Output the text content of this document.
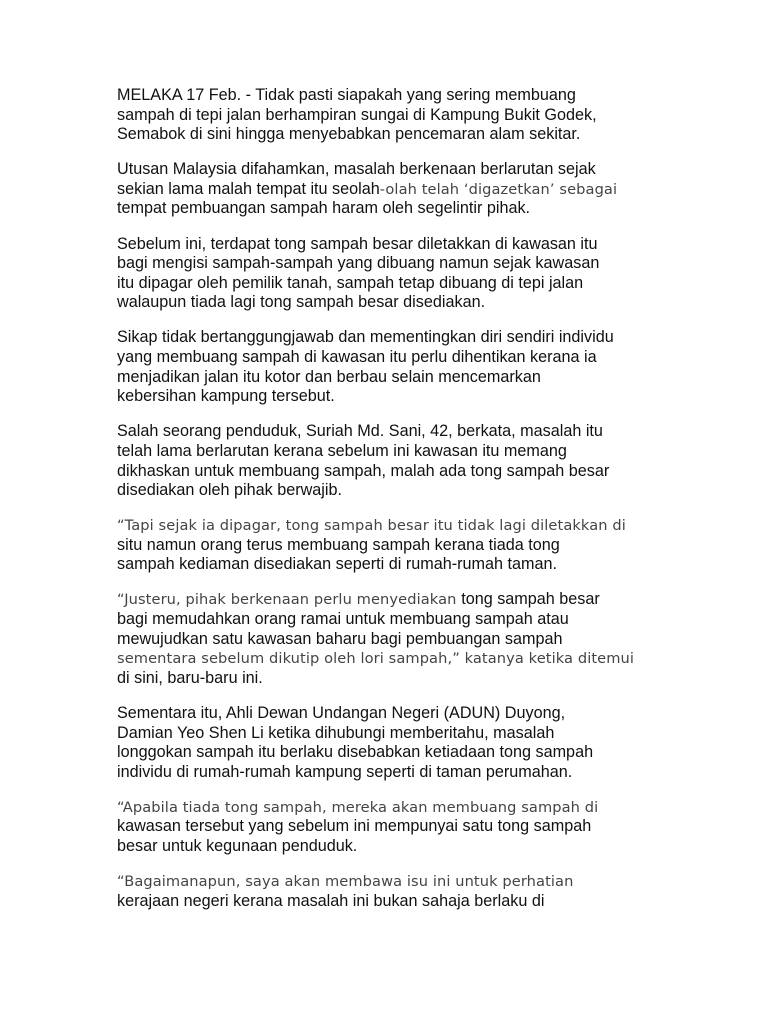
MELAKA 17 Feb. - Tidak pasti siapakah yang sering membuang
sampah di tepi jalan berhampiran sungai di Kampung Bukit Godek,
Semabok di sini hingga menyebabkan pencemaran alam sekitar.

Utusan Malaysia difahamkan, masalah berkenaan berlarutan sejak
sekian lama malah tempat itu seolah-olah telah ‘digazetkan’ sebagai
tempat pembuangan sampah haram oleh segelintir pihak.

Sebelum ini, terdapat tong sampah besar diletakkan di kawasan itu
bagi mengisi sampah-sampah yang dibuang namun sejak kawasan
itu dipagar oleh pemilik tanah, sampah tetap dibuang di tepi jalan
walaupun tiada lagi tong sampah besar disediakan.

Sikap tidak bertanggungjawab dan mementingkan diri sendiri individu
yang membuang sampah di kawasan itu perlu dihentikan kerana ia
menjadikan jalan itu kotor dan berbau selain mencemarkan
kebersihan kampung tersebut.

Salah seorang penduduk, Suriah Md. Sani, 42, berkata, masalah itu
telah lama berlarutan kerana sebelum ini kawasan itu memang
dikhaskan untuk membuang sampah, malah ada tong sampah besar
disediakan oleh pihak berwajib.

“Tapi sejak ia dipagar, tong sampah besar itu tidak lagi diletakkan di
situ namun orang terus membuang sampah kerana tiada tong
sampah kediaman disediakan seperti di rumah-rumah taman.

“Justeru, pihak berkenaan perlu menyediakan tong sampah besar
bagi memudahkan orang ramai untuk membuang sampah atau
mewujudkan satu kawasan baharu bagi pembuangan sampah
sementara sebelum dikutip oleh lori sampah,” katanya ketika ditemui
di sini, baru-baru ini.

Sementara itu, Ahli Dewan Undangan Negeri (ADUN) Duyong,
Damian Yeo Shen Li ketika dihubungi memberitahu, masalah
longgokan sampah itu berlaku disebabkan ketiadaan tong sampah
individu di rumah-rumah kampung seperti di taman perumahan.

“Apabila tiada tong sampah, mereka akan membuang sampah di
kawasan tersebut yang sebelum ini mempunyai satu tong sampah
besar untuk kegunaan penduduk.

“Bagaimanapun, saya akan membawa isu ini untuk perhatian
kerajaan negeri kerana masalah ini bukan sahaja berlaku di
